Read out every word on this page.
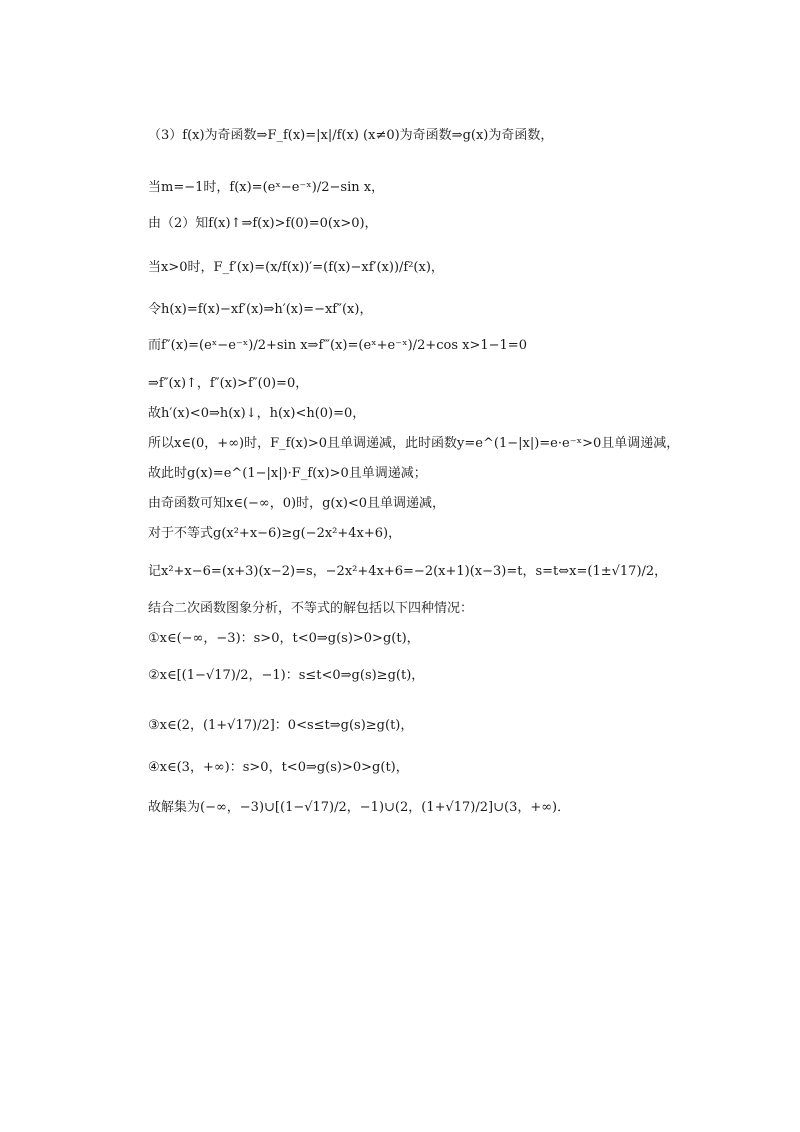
（3）f(x)为奇函数⇒F_f(x)=|x|/f(x) (x≠0)为奇函数⇒g(x)为奇函数，
当m=−1时，f(x)=(eˣ−e⁻ˣ)/2−sin x，
由（2）知f(x)↑⇒f(x)>f(0)=0(x>0)，
当x>0时，F_f′(x)=(x/f(x))′=(f(x)−xf′(x))/f²(x)，
令h(x)=f(x)−xf′(x)⇒h′(x)=−xf″(x)，
而f″(x)=(eˣ−e⁻ˣ)/2+sin x⇒f‴(x)=(eˣ+e⁻ˣ)/2+cos x>1−1=0
⇒f″(x)↑，f″(x)>f″(0)=0，
故h′(x)<0⇒h(x)↓，h(x)<h(0)=0，
所以x∈(0，+∞)时，F_f(x)>0且单调递减，此时函数y=e^(1−|x|)=e·e⁻ˣ>0且单调递减，
故此时g(x)=e^(1−|x|)·F_f(x)>0且单调递减；
由奇函数可知x∈(−∞，0)时，g(x)<0且单调递减，
对于不等式g(x²+x−6)≥g(−2x²+4x+6)，
记x²+x−6=(x+3)(x−2)=s，−2x²+4x+6=−2(x+1)(x−3)=t，s=t⇔x=(1±√17)/2，
结合二次函数图象分析，不等式的解包括以下四种情况：
①x∈(−∞，−3)：s>0，t<0⇒g(s)>0>g(t)，
②x∈[(1−√17)/2，−1)：s≤t<0⇒g(s)≥g(t)，
③x∈(2，(1+√17)/2]：0<s≤t⇒g(s)≥g(t)，
④x∈(3，+∞)：s>0，t<0⇒g(s)>0>g(t)，
故解集为(−∞，−3)∪[(1−√17)/2，−1)∪(2，(1+√17)/2]∪(3，+∞)．
